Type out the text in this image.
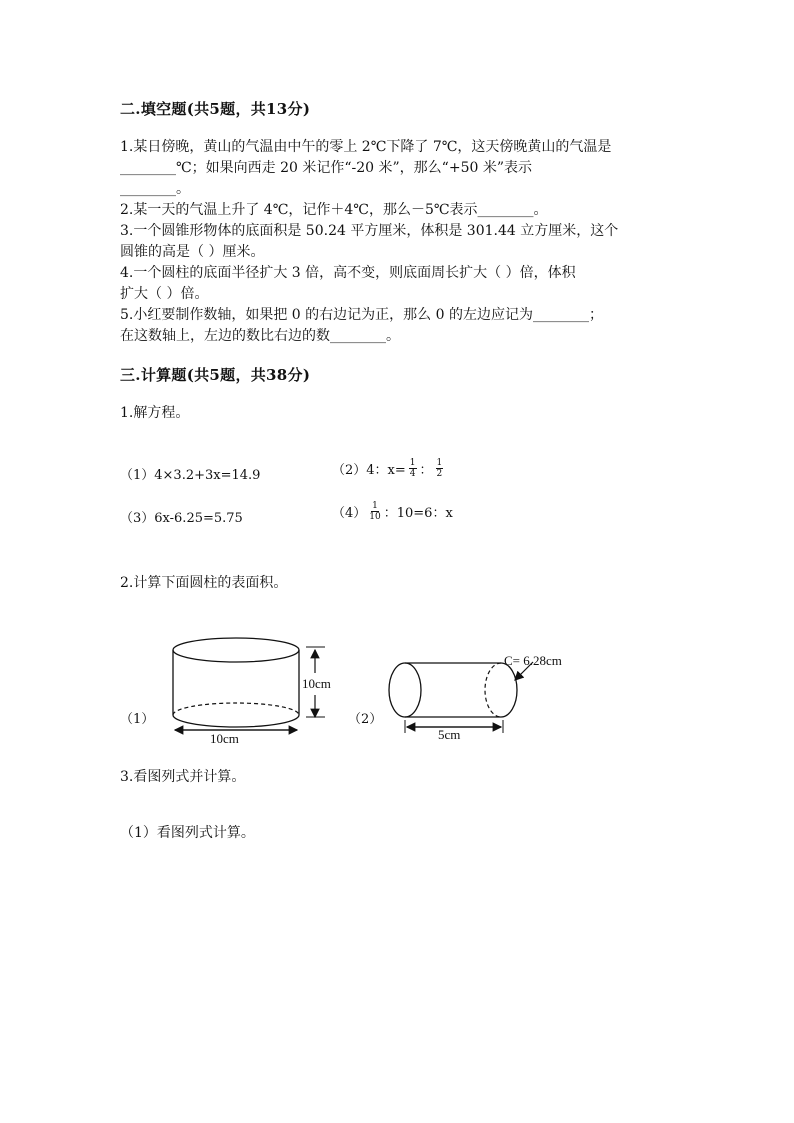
二.填空题(共5题，共13分)
1.某日傍晚，黄山的气温由中午的零上 2℃下降了 7℃，这天傍晚黄山的气温是
________℃；如果向西走 20 米记作“-20 米”，那么“+50 米”表示
________。
2.某一天的气温上升了 4℃，记作＋4℃，那么－5℃表示________。
3.一个圆锥形物体的底面积是 50.24 平方厘米，体积是 301.44 立方厘米，这个
圆锥的高是（ ）厘米。
4.一个圆柱的底面半径扩大 3 倍，高不变，则底面周长扩大（ ）倍，体积
扩大（ ）倍。
5.小红要制作数轴，如果把 0 的右边记为正，那么 0 的左边应记为________；
在这数轴上，左边的数比右边的数________。
三.计算题(共5题，共38分)
1.解方程。
（1）4×3.2+3x=14.9	（2）4：$x= \frac{1}{4}$ ： $\frac{1}{2}$
（3）6x-6.25=5.75	$(4) \frac{1}{10}$ ：10=6：x
2.计算下面圆柱的表面积。
（1）
10cm
10cm
（2）
C= 6.28cm
5cm
3.看图列式并计算。
（1）看图列式计算。
